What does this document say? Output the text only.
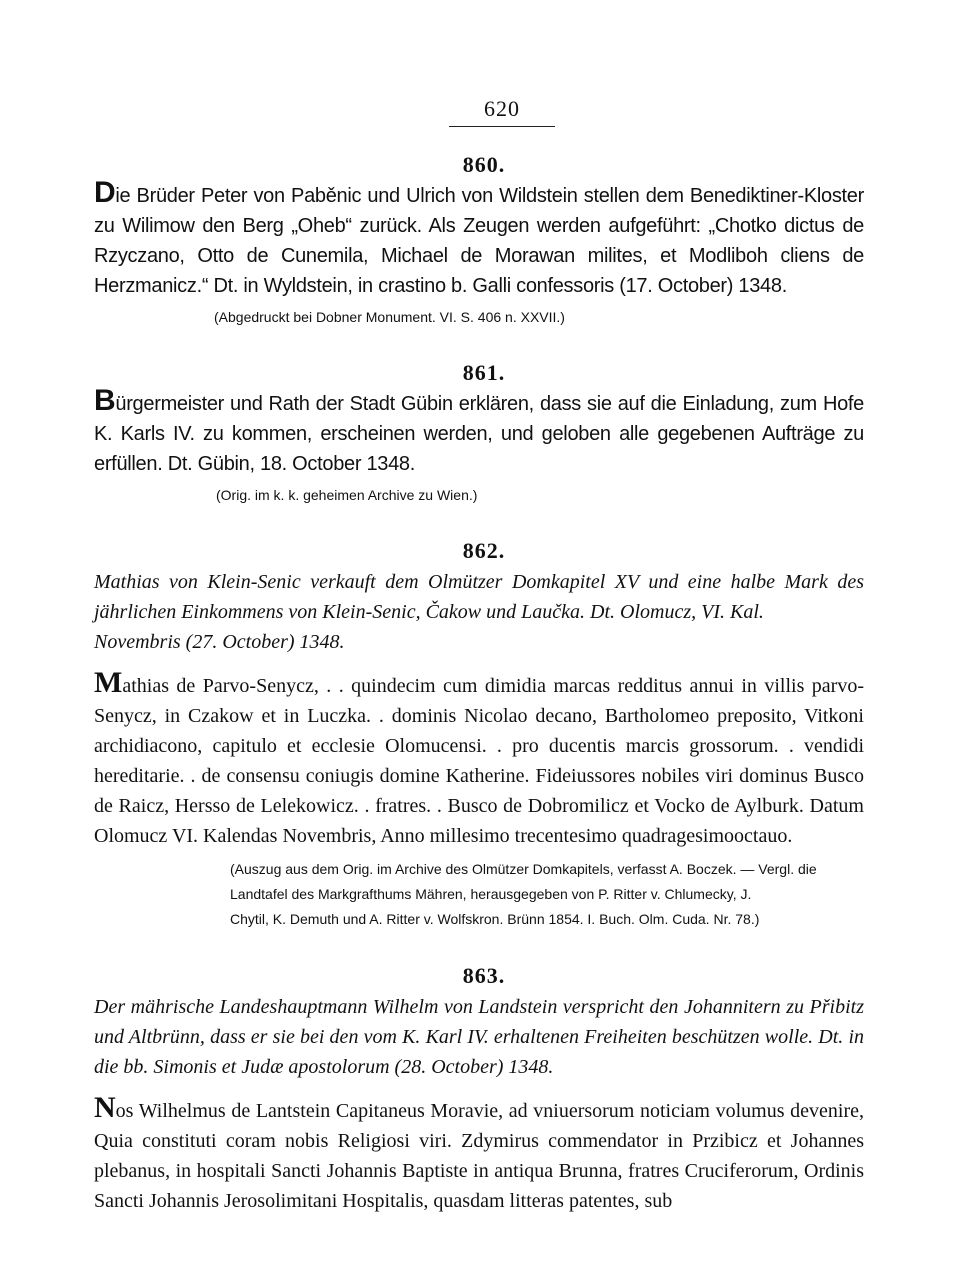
620
860.

Die Brüder Peter von Paběnic und Ulrich von Wildstein stellen dem Benediktiner-Kloster zu Wilimow den Berg „Oheb“ zurück. Als Zeugen werden aufgeführt: „Chotko dictus de Rzyczano, Otto de Cunemila, Michael de Morawan milites, et Modliboh cliens de Herzmanicz.“ Dt. in Wyldstein, in crastino b. Galli confessoris (17. October) 1348.

(Abgedruckt bei Dobner Monument. VI. S. 406 n. XXVII.)
861.

Bürgermeister und Rath der Stadt Gübin erklären, dass sie auf die Einladung, zum Hofe K. Karls IV. zu kommen, erscheinen werden, und geloben alle gegebenen Aufträge zu erfüllen. Dt. Gübin, 18. October 1348.

(Orig. im k. k. geheimen Archive zu Wien.)
862.

Mathias von Klein-Senic verkauft dem Olmützer Domkapitel XV und eine halbe Mark des jährlichen Einkommens von Klein-Senic, Čakow und Laučka. Dt. Olomucz, VI. Kal.

Novembris (27. October) 1348.

Mathias de Parvo-Senycz, . . quindecim cum dimidia marcas redditus annui in villis parvo-Senycz, in Czakow et in Luczka. . dominis Nicolao decano, Bartholomeo preposito, Vitkoni archidiacono, capitulo et ecclesie Olomucensi. . pro ducentis marcis grossorum. . vendidi hereditarie. . de consensu coniugis domine Katherine. Fideiussores nobiles viri dominus Busco de Raicz, Hersso de Lelekowicz. . fratres. . Busco de Dobromilicz et Vocko de Aylburk. Datum Olomucz VI. Kalendas Novembris, Anno millesimo trecentesimo quadragesimooctauo.

(Auszug aus dem Orig. im Archive des Olmützer Domkapitels, verfasst A. Boczek. — Vergl. die
Landtafel des Markgrafthums Mähren, herausgegeben von P. Ritter v. Chlumecky, J.
Chytil, K. Demuth und A. Ritter v. Wolfskron. Brünn 1854. I. Buch. Olm. Cuda. Nr. 78.)
863.

Der mährische Landeshauptmann Wilhelm von Landstein verspricht den Johannitern zu Přibitz und Altbrünn, dass er sie bei den vom K. Karl IV. erhaltenen Freiheiten beschützen wolle. Dt. in die bb. Simonis et Judæ apostolorum (28. October) 1348.

Nos Wilhelmus de Lantstein Capitaneus Moravie, ad vniuersorum noticiam volumus devenire, Quia constituti coram nobis Religiosi viri. Zdymirus commendator in Przibicz et Johannes plebanus, in hospitali Sancti Johannis Baptiste in antiqua Brunna, fratres Cruciferorum, Ordinis Sancti Johannis Jerosolimitani Hospitalis, quasdam litteras patentes, sub
